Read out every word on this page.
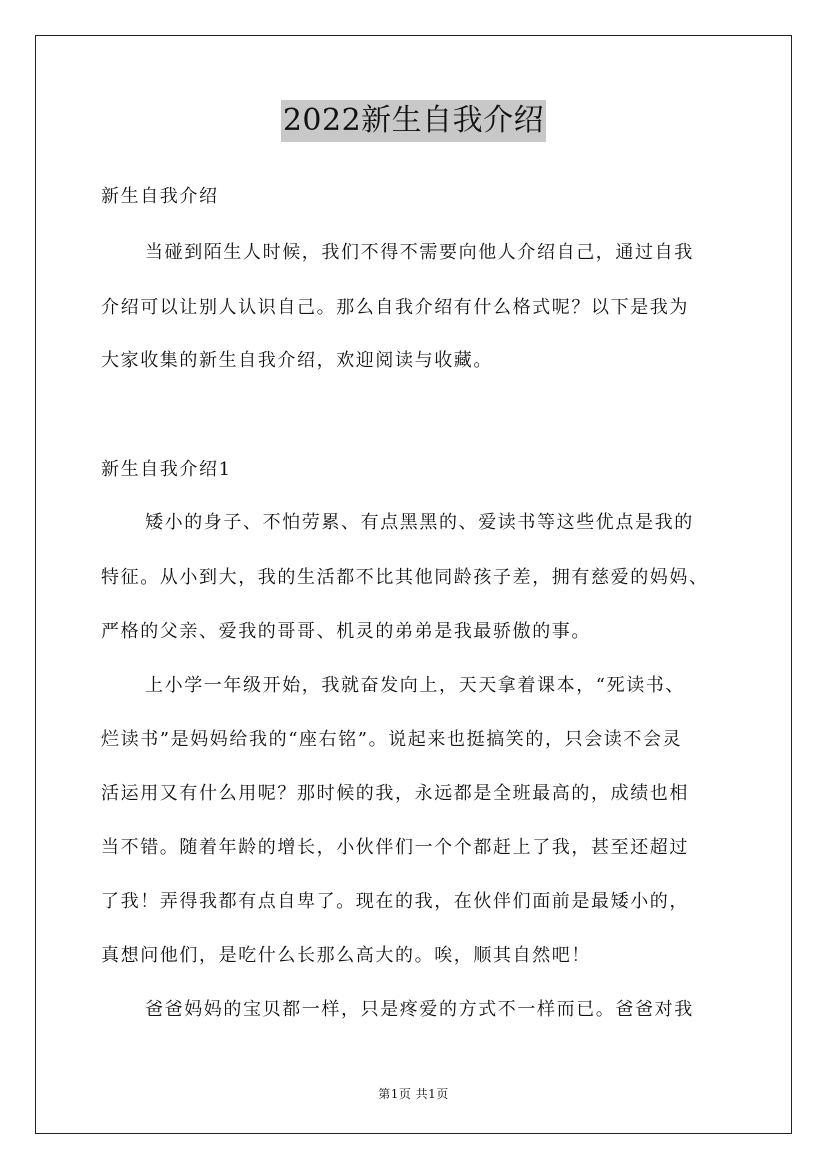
2022新生自我介绍
新生自我介绍
当碰到陌生人时候，我们不得不需要向他人介绍自己，通过自我
介绍可以让别人认识自己。那么自我介绍有什么格式呢？以下是我为
大家收集的新生自我介绍，欢迎阅读与收藏。
新生自我介绍1
矮小的身子、不怕劳累、有点黑黑的、爱读书等这些优点是我的
特征。从小到大，我的生活都不比其他同龄孩子差，拥有慈爱的妈妈、
严格的父亲、爱我的哥哥、机灵的弟弟是我最骄傲的事。
上小学一年级开始，我就奋发向上，天天拿着课本，“死读书、
烂读书”是妈妈给我的“座右铭”。说起来也挺搞笑的，只会读不会灵
活运用又有什么用呢？那时候的我，永远都是全班最高的，成绩也相
当不错。随着年龄的增长，小伙伴们一个个都赶上了我，甚至还超过
了我！弄得我都有点自卑了。现在的我，在伙伴们面前是最矮小的，
真想问他们，是吃什么长那么高大的。唉，顺其自然吧！
爸爸妈妈的宝贝都一样，只是疼爱的方式不一样而已。爸爸对我
第1页 共1页
